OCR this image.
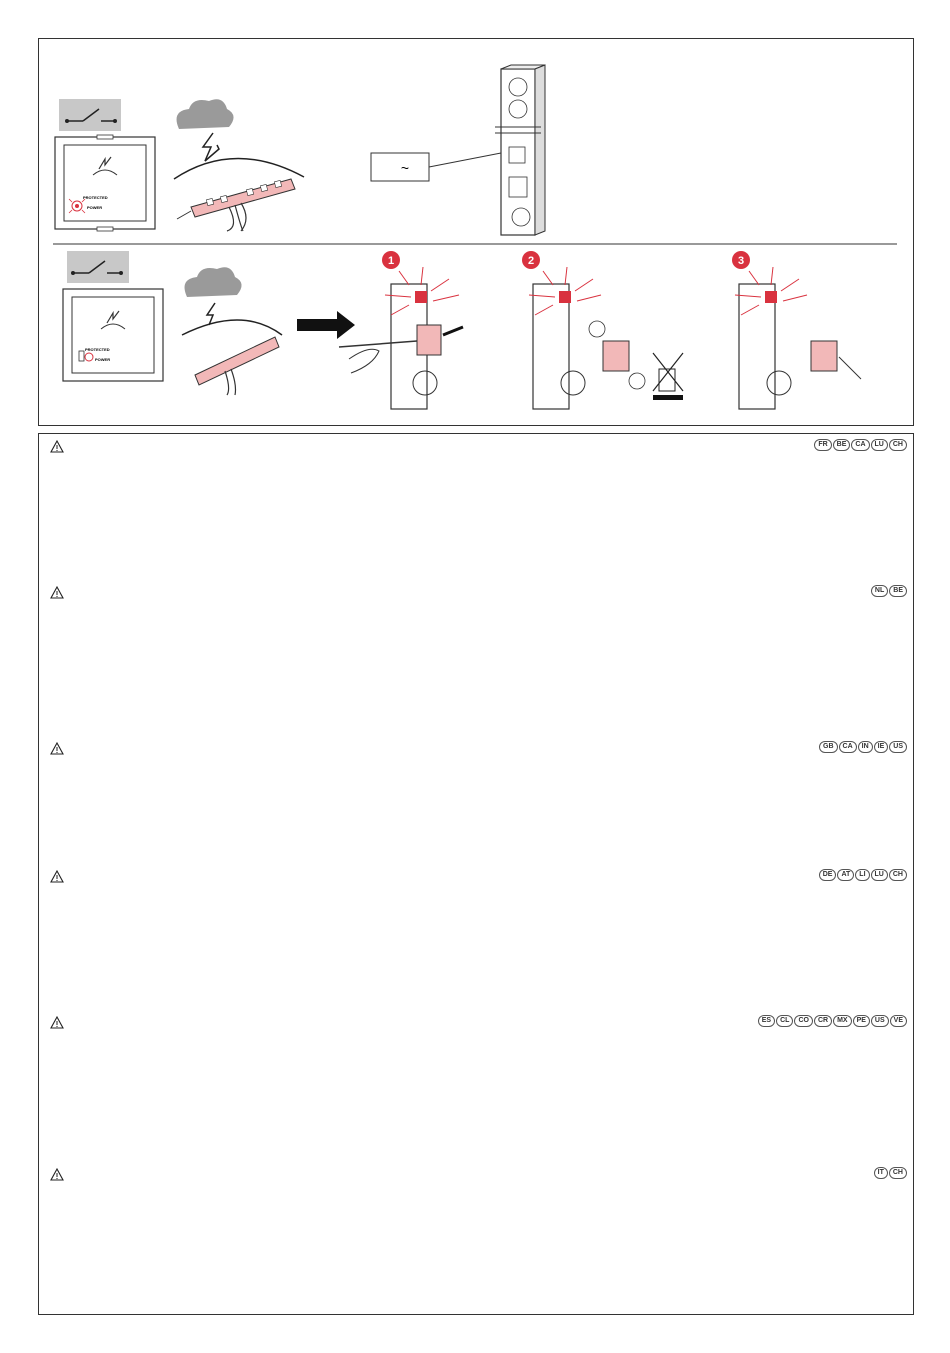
PROTECTED
POWER
~
PROTECTED
POWER
1	2	3
FR	BE	CA	LU	CH
NL	BE
GB	CA	IN	IE	US
DE	AT	LI	LU	CH
ES	CL	CO	CR	MX	PE	US	VE
IT	CH
